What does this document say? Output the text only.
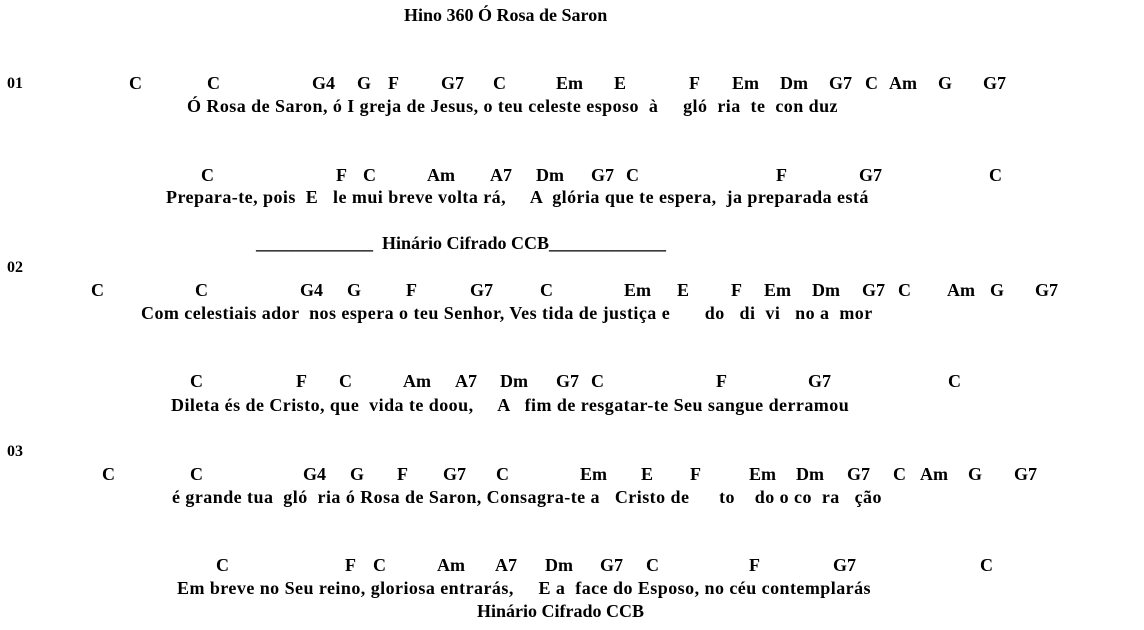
Hino 360 Ó Rosa de Saron
_____________  Hinário Cifrado CCB_____________
Hinário Cifrado CCB
01	C	C	G4 G F G7 C	Em E	F Em Dm G7 C Am G G7
Ó Rosa de Saron, ó I greja de Jesus, o teu celeste esposo  à     gló  ria  te  con duz
C	F C	Am A7 Dm G7 C	F	G7	C
Prepara-te, pois  E   le mui breve volta rá,     A  glória que te espera,  ja preparada está
02
C	C	G4 G F	G7	C	Em E F Em Dm G7 C Am G G7
Com celestiais ador  nos espera o teu Senhor, Ves tida de justiça e       do   di  vi   no a  mor
C	F C	Am A7 Dm G7 C	F	G7	C
Dileta és de Cristo, que  vida te doou,     A   fim de resgatar-te Seu sangue derramou
03
C	C	G4 G F G7 C	Em E F	Em Dm G7 C Am G G7
é grande tua  gló  ria ó Rosa de Saron, Consagra-te a   Cristo de      to    do o co  ra   ção
C	F C	Am A7 Dm G7 C	F	G7	C
Em breve no Seu reino, gloriosa entrarás,     E a  face do Esposo, no céu contemplarás
